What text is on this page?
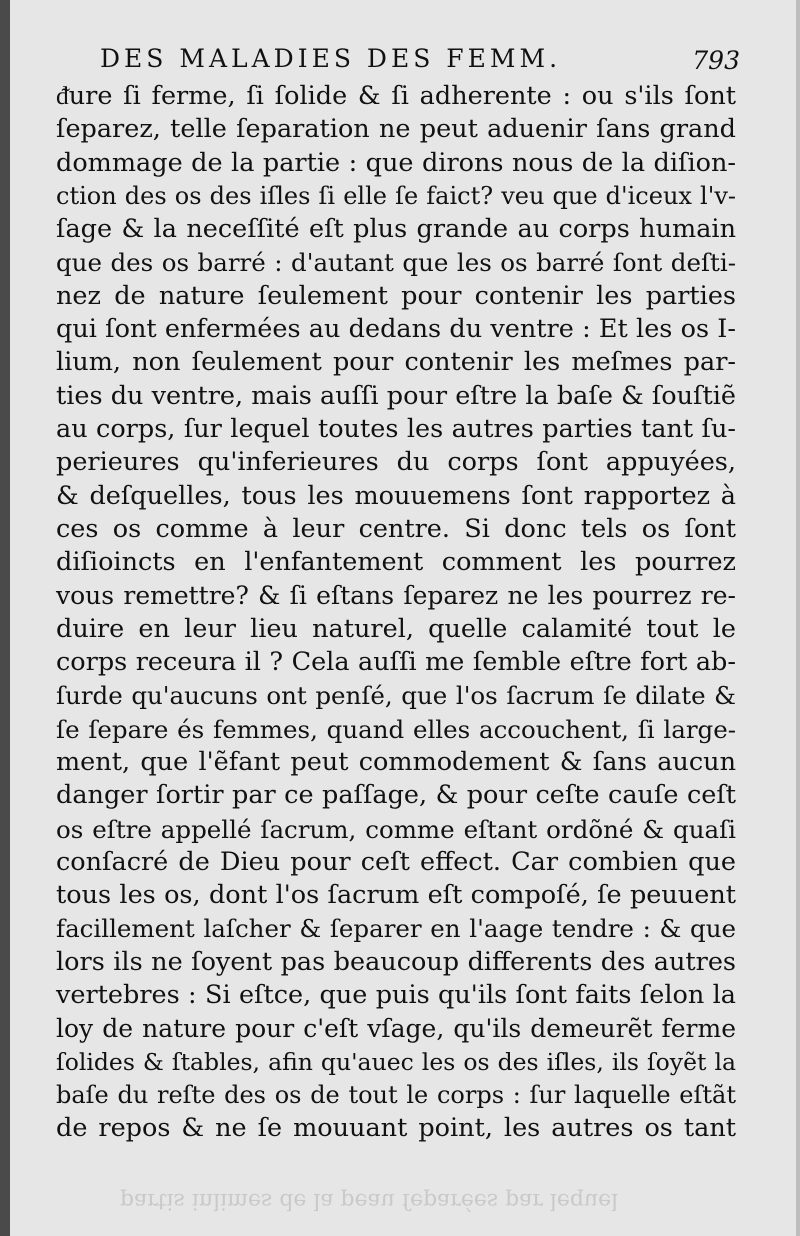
partis inlimes de la peau ſeparées par lequel
DES MALADIES DES FEMM.	793
ᵭure ſi ferme, ſi ſolide & ſi adherente : ou s'ils ſont
ſeparez, telle ſeparation ne peut aduenir ſans grand
dommage de la partie : que dirons nous de la diſion-
ction des os des iſles ſi elle ſe faict? veu que d'iceux l'v-
ſage & la neceſſité eſt plus grande au corps humain
que des os barré : d'autant que les os barré ſont deſti-
nez de nature ſeulement pour contenir les parties
qui ſont enfermées au dedans du ventre : Et les os I-
lium, non ſeulement pour contenir les meſmes par-
ties du ventre, mais auſſi pour eſtre la baſe & ſouſtiẽ
au corps, ſur lequel toutes les autres parties tant ſu-
perieures qu'inferieures du corps ſont appuyées,
& deſquelles, tous les mouuemens ſont rapportez à
ces os comme à leur centre. Si donc tels os ſont
diſioincts en l'enfantement comment les pourrez
vous remettre? & ſi eſtans ſeparez ne les pourrez re-
duire en leur lieu naturel, quelle calamité tout le
corps receura il ? Cela auſſi me ſemble eſtre fort ab-
ſurde qu'aucuns ont penſé, que l'os ſacrum ſe dilate &
ſe ſepare és femmes, quand elles accouchent, ſi large-
ment, que l'ẽfant peut commodement & ſans aucun
danger ſortir par ce paſſage, & pour ceſte cauſe ceſt
os eſtre appellé ſacrum, comme eſtant ordõné & quaſi
conſacré de Dieu pour ceſt effect. Car combien que
tous les os, dont l'os ſacrum eſt compoſé, ſe peuuent
facillement laſcher & ſeparer en l'aage tendre : & que
lors ils ne ſoyent pas beaucoup differents des autres
vertebres : Si eſtce, que puis qu'ils ſont faits ſelon la
loy de nature pour c'eſt vſage, qu'ils demeurẽt ferme
ſolides & ſtables, afin qu'auec les os des iſles, ils ſoyẽt la
baſe du reſte des os de tout le corps : ſur laquelle eſtãt
de repos & ne ſe mouuant point, les autres os tant
